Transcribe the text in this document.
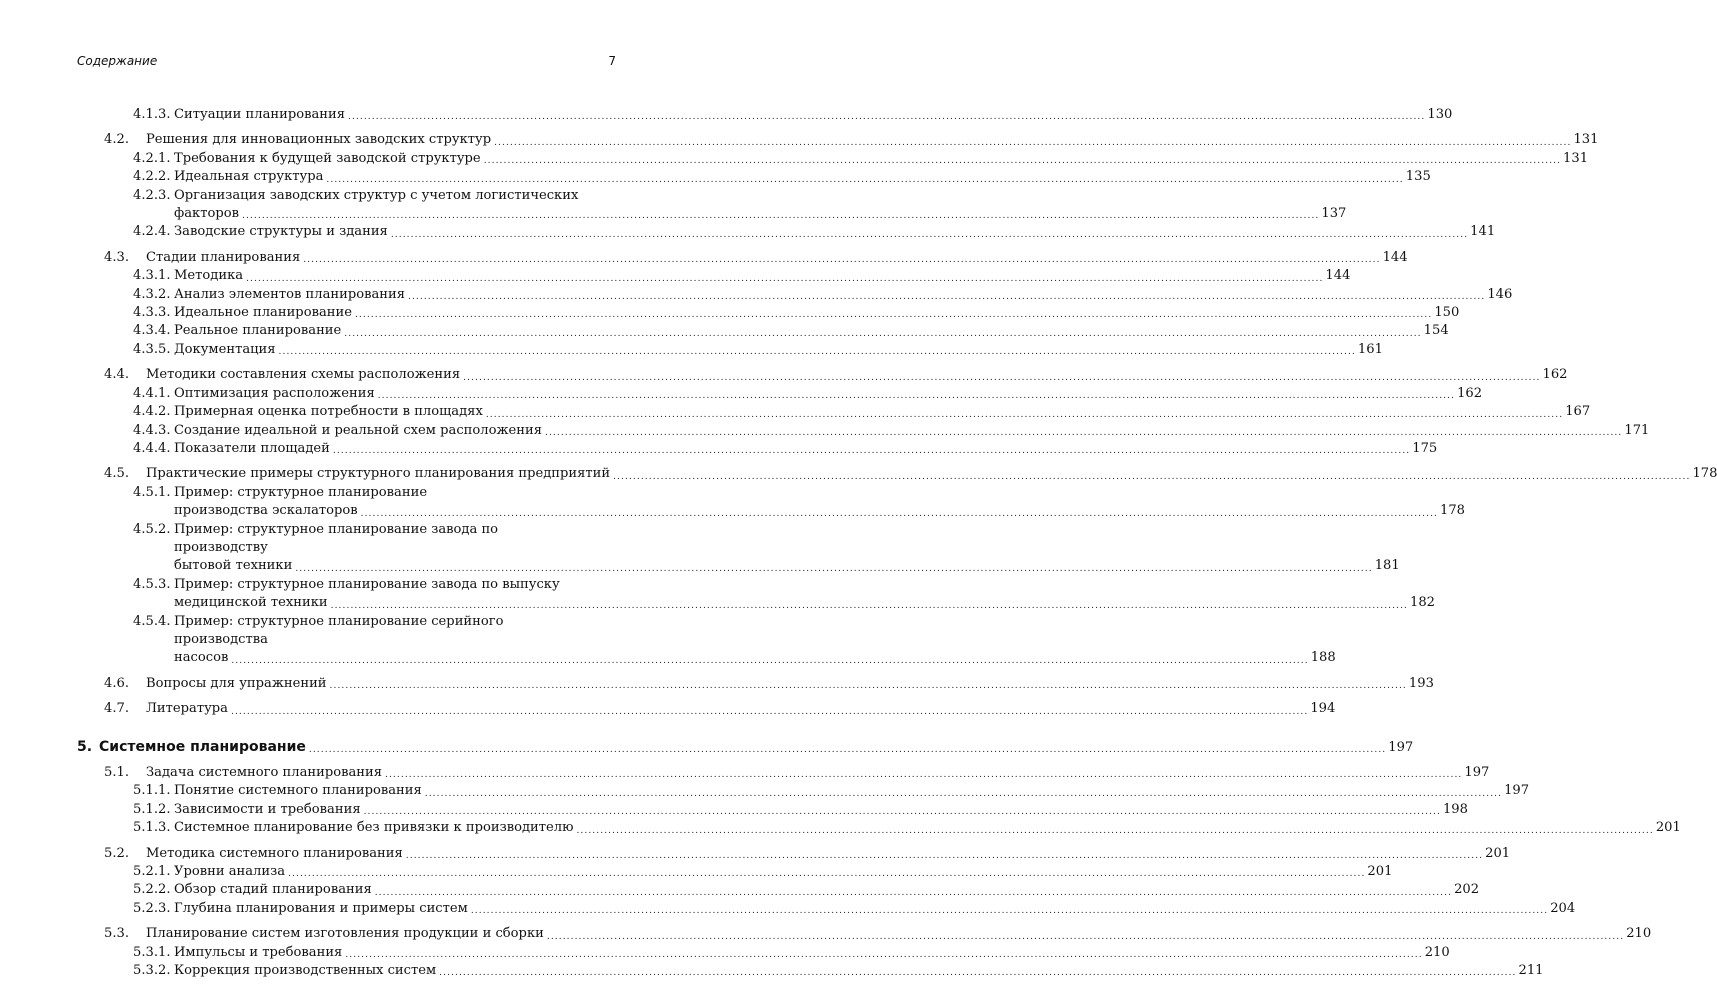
Содержание	7
4.1.3. Ситуации планирования .....	130
4.2. Решения для инновационных заводских структур .....	131
4.2.1. Требования к будущей заводской структуре .....	131
4.2.2. Идеальная структура .....	135
4.2.3. Организация заводских структур с учетом логистических
факторов .....	137
4.2.4. Заводские структуры и здания .....	141
4.3. Стадии планирования .....	144
4.3.1. Методика .....	144
4.3.2. Анализ элементов планирования .....	146
4.3.3. Идеальное планирование .....	150
4.3.4. Реальное планирование .....	154
4.3.5. Документация .....	161
4.4. Методики составления схемы расположения .....	162
4.4.1. Оптимизация расположения .....	162
4.4.2. Примерная оценка потребности в площадях .....	167
4.4.3. Создание идеальной и реальной схем расположения .....	171
4.4.4. Показатели площадей .....	175
4.5. Практические примеры структурного планирования предприятий .....	178
4.5.1. Пример: структурное планирование
производства эскалаторов .....	178
4.5.2. Пример: структурное планирование завода по производству
бытовой техники .....	181
4.5.3. Пример: структурное планирование завода по выпуску
медицинской техники .....	182
4.5.4. Пример: структурное планирование серийного производства
насосов .....	188
4.6. Вопросы для упражнений .....	193
4.7. Литература .....	194
5. Системное планирование .....	197
5.1. Задача системного планирования .....	197
5.1.1. Понятие системного планирования .....	197
5.1.2. Зависимости и требования .....	198
5.1.3. Системное планирование без привязки к производителю .....	201
5.2. Методика системного планирования .....	201
5.2.1. Уровни анализа .....	201
5.2.2. Обзор стадий планирования .....	202
5.2.3. Глубина планирования и примеры систем .....	204
5.3. Планирование систем изготовления продукции и сборки .....	210
5.3.1. Импульсы и требования .....	210
5.3.2. Коррекция производственных систем .....	211
